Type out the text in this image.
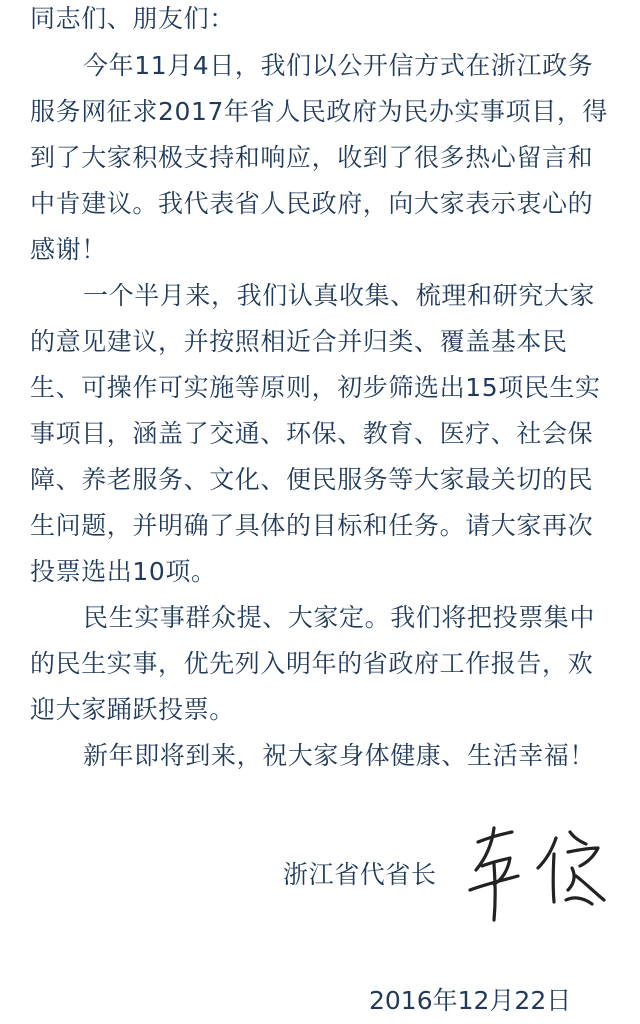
同志们、朋友们：
今年11月4日，我们以公开信方式在浙江政务
服务网征求2017年省人民政府为民办实事项目，得
到了大家积极支持和响应，收到了很多热心留言和
中肯建议。我代表省人民政府，向大家表示衷心的
感谢！
一个半月来，我们认真收集、梳理和研究大家
的意见建议，并按照相近合并归类、覆盖基本民
生、可操作可实施等原则，初步筛选出15项民生实
事项目，涵盖了交通、环保、教育、医疗、社会保
障、养老服务、文化、便民服务等大家最关切的民
生问题，并明确了具体的目标和任务。请大家再次
投票选出10项。
民生实事群众提、大家定。我们将把投票集中
的民生实事，优先列入明年的省政府工作报告，欢
迎大家踊跃投票。
新年即将到来，祝大家身体健康、生活幸福！
浙江省代省长
2016年12月22日
